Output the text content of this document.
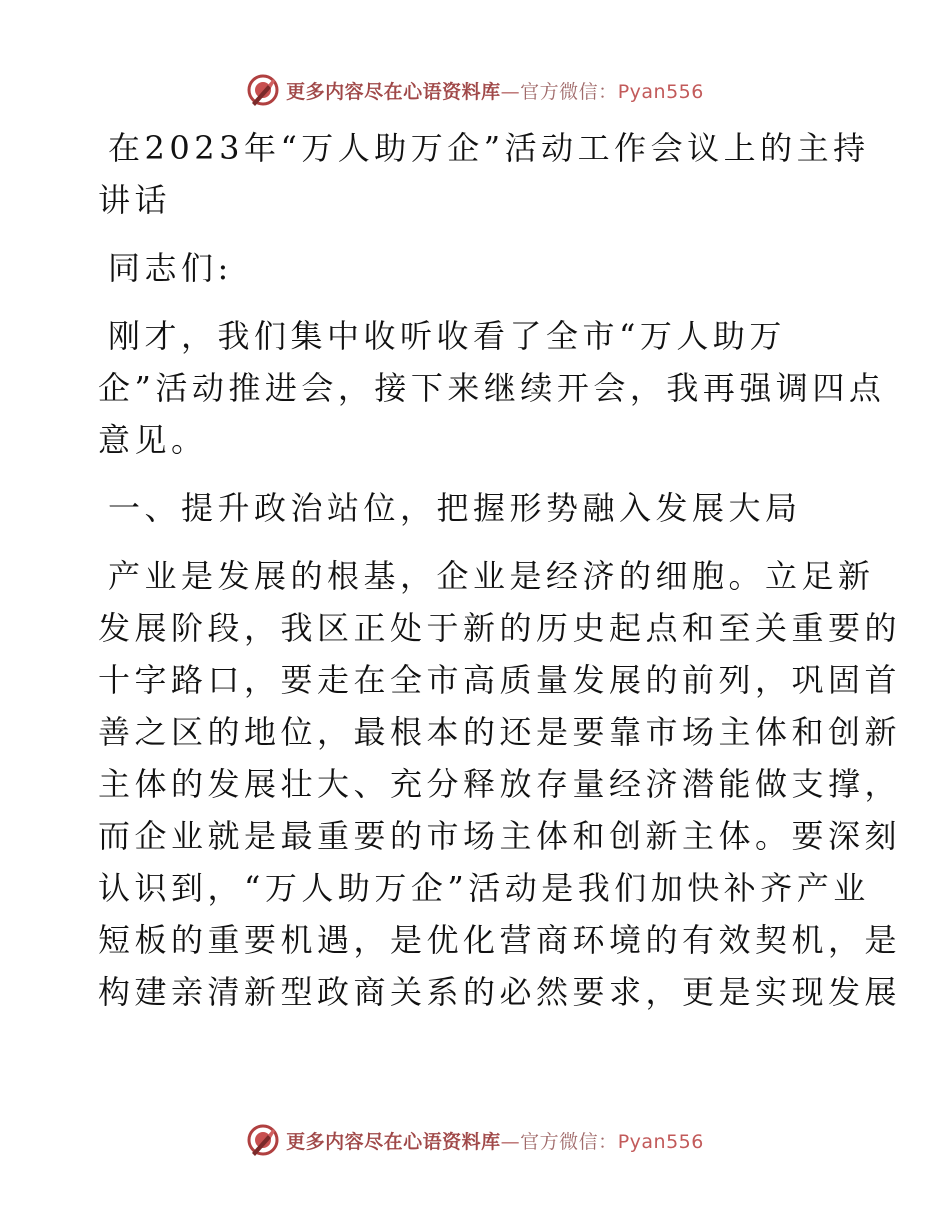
更多内容尽在心语资料库—官方微信：Pyan556

在2023年“万人助万企”活动工作会议上的主持

讲话

同志们:

刚才，我们集中收听收看了全市“万人助万

企”活动推进会，接下来继续开会，我再强调四点

意见。

一、提升政治站位，把握形势融入发展大局

产业是发展的根基，企业是经济的细胞。立足新

发展阶段，我区正处于新的历史起点和至关重要的

十字路口，要走在全市高质量发展的前列，巩固首

善之区的地位，最根本的还是要靠市场主体和创新

主体的发展壮大、充分释放存量经济潜能做支撑，

而企业就是最重要的市场主体和创新主体。要深刻

认识到，“万人助万企”活动是我们加快补齐产业

短板的重要机遇，是优化营商环境的有效契机，是

构建亲清新型政商关系的必然要求，更是实现发展

更多内容尽在心语资料库—官方微信：Pyan556
